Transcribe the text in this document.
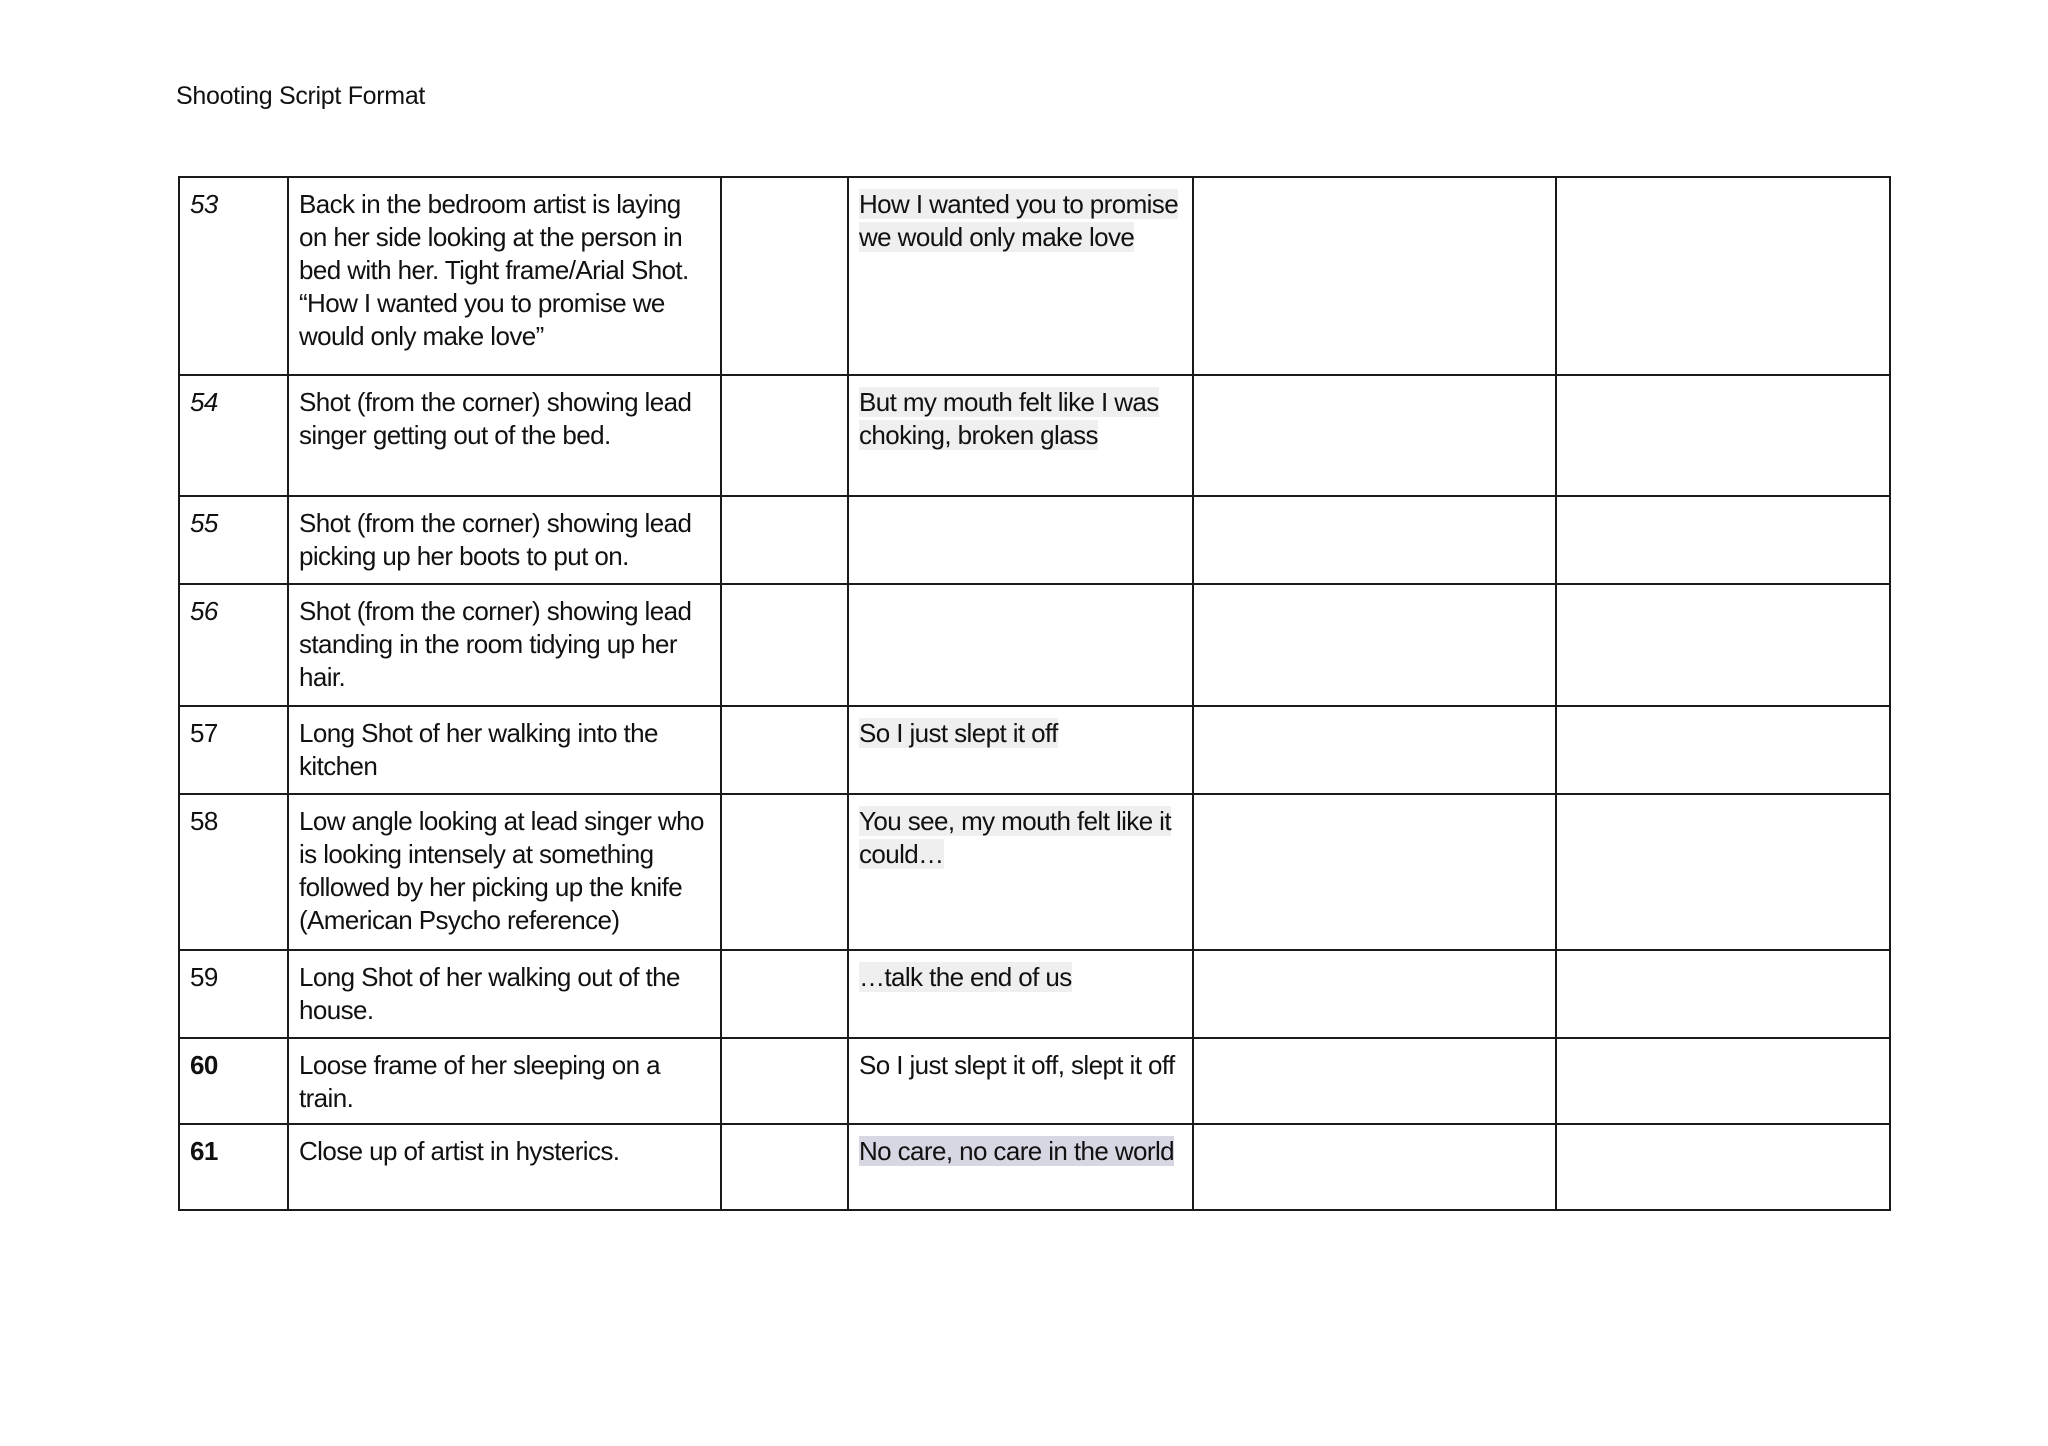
Shooting Script Format
53	Back in the bedroom artist is laying on her side looking at the person in bed with her. Tight frame/Arial Shot. “How I wanted you to promise we would only make love”		How I wanted you to promise we would only make love		
54	Shot (from the corner) showing lead singer getting out of the bed.		But my mouth felt like I was choking, broken glass		
55	Shot (from the corner) showing lead picking up her boots to put on.				
56	Shot (from the corner) showing lead standing in the room tidying up her hair.				
57	Long Shot of her walking into the kitchen		So I just slept it off		
58	Low angle looking at lead singer who is looking intensely at something followed by her picking up the knife (American Psycho reference)		You see, my mouth felt like it could…		
59	Long Shot of her walking out of the house.		…talk the end of us		
60	Loose frame of her sleeping on a train.		So I just slept it off, slept it off		
61	Close up of artist in hysterics.		No care, no care in the world		
